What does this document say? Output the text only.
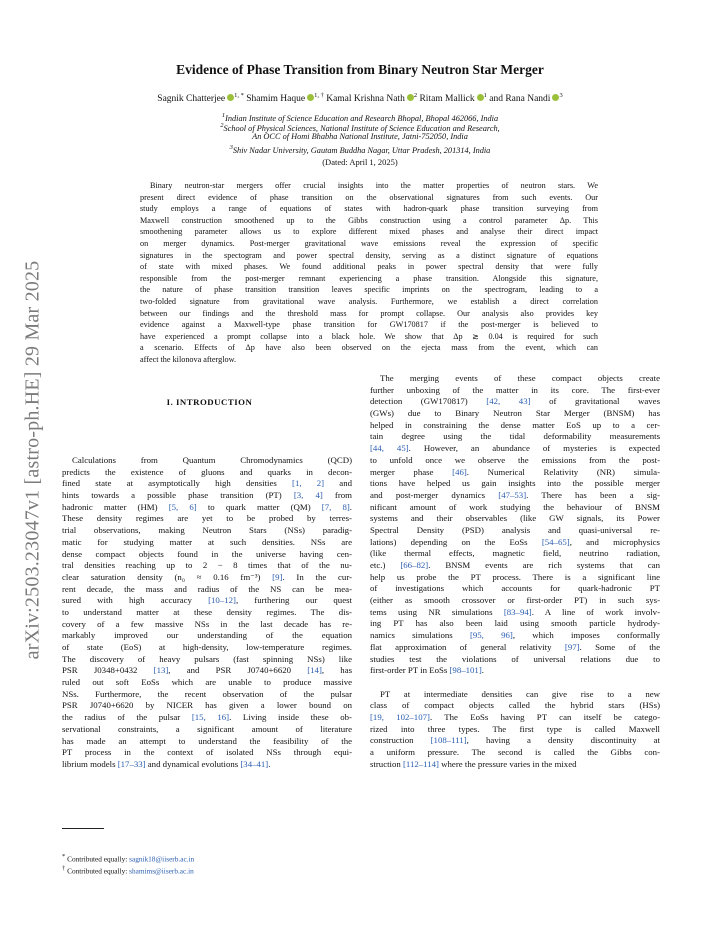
arXiv:2503.23047v1 [astro-ph.HE] 29 Mar 2025
Evidence of Phase Transition from Binary Neutron Star Merger
Sagnik Chatterjee $^{1, *}$ Shamim Haque $^{1, \dagger}$ Kamal Krishna Nath $^2$ Ritam Mallick $^1$ and Rana Nandi $^3$
$^1$Indian Institute of Science Education and Research Bhopal, Bhopal 462066, India
$^2$School of Physical Sciences, National Institute of Science Education and Research,
An OCC of Homi Bhabha National Institute, Jatni-752050, India
$^3$Shiv Nadar University, Gautam Buddha Nagar, Uttar Pradesh, 201314, India
(Dated: April 1, 2025)
Binary neutron-star mergers offer crucial insights into the matter properties of neutron stars. We
present direct evidence of phase transition on the observational signatures from such events. Our
study employs a range of equations of states with hadron-quark phase transition surveying from
Maxwell construction smoothened up to the Gibbs construction using a control parameter Δp. This
smoothening parameter allows us to explore different mixed phases and analyse their direct impact
on merger dynamics. Post-merger gravitational wave emissions reveal the expression of specific
signatures in the spectogram and power spectral density, serving as a distinct signature of equations
of state with mixed phases. We found additional peaks in power spectral density that were fully
responsible from the post-merger remnant experiencing a phase transition. Alongside this signature,
the nature of phase transition transition leaves specific imprints on the spectrogram, leading to a
two-folded signature from gravitational wave analysis. Furthermore, we establish a direct correlation
between our findings and the threshold mass for prompt collapse. Our analysis also provides key
evidence against a Maxwell-type phase transition for GW170817 if the post-merger is believed to
have experienced a prompt collapse into a black hole. We show that Δp ≳ 0.04 is required for such
a scenario. Effects of Δp have also been observed on the ejecta mass from the event, which can
affect the kilonova afterglow.
I. INTRODUCTION
Calculations from Quantum Chromodynamics (QCD)
predicts the existence of gluons and quarks in decon-
fined state at asymptotically high densities [1, 2] and
hints towards a possible phase transition (PT) [3, 4] from
hadronic matter (HM) [5, 6] to quark matter (QM) [7, 8].
These density regimes are yet to be probed by terres-
trial observations, making Neutron Stars (NSs) paradig-
matic for studying matter at such densities. NSs are
dense compact objects found in the universe having cen-
tral densities reaching up to 2 − 8 times that of the nu-
clear saturation density (n₀ ≈ 0.16 fm⁻³) [9]. In the cur-
rent decade, the mass and radius of the NS can be mea-
sured with high accuracy [10–12], furthering our quest
to understand matter at these density regimes. The dis-
covery of a few massive NSs in the last decade has re-
markably improved our understanding of the equation
of state (EoS) at high-density, low-temperature regimes.
The discovery of heavy pulsars (fast spinning NSs) like
PSR J0348+0432 [13], and PSR J0740+6620 [14], has
ruled out soft EoSs which are unable to produce massive
NSs. Furthermore, the recent observation of the pulsar
PSR J0740+6620 by NICER has given a lower bound on
the radius of the pulsar [15, 16]. Living inside these ob-
servational constraints, a significant amount of literature
has made an attempt to understand the feasibility of the
PT process in the context of isolated NSs through equi-
librium models [17–33] and dynamical evolutions [34–41].
The merging events of these compact objects create
further unboxing of the matter in its core. The first-ever
detection (GW170817) [42, 43] of gravitational waves
(GWs) due to Binary Neutron Star Merger (BNSM) has
helped in constraining the dense matter EoS up to a cer-
tain degree using the tidal deformability measurements
[44, 45]. However, an abundance of mysteries is expected
to unfold once we observe the emissions from the post-
merger phase [46]. Numerical Relativity (NR) simula-
tions have helped us gain insights into the possible merger
and post-merger dynamics [47–53]. There has been a sig-
nificant amount of work studying the behaviour of BNSM
systems and their observables (like GW signals, its Power
Spectral Density (PSD) analysis and quasi-universal re-
lations) depending on the EoSs [54–65], and microphysics
(like thermal effects, magnetic field, neutrino radiation,
etc.) [66–82]. BNSM events are rich systems that can
help us probe the PT process. There is a significant line
of investigations which accounts for quark-hadronic PT
(either as smooth crossover or first-order PT) in such sys-
tems using NR simulations [83–94]. A line of work involv-
ing PT has also been laid using smooth particle hydrody-
namics simulations [95, 96], which imposes conformally
flat approximation of general relativity [97]. Some of the
studies test the violations of universal relations due to
first-order PT in EoSs [98–101].
PT at intermediate densities can give rise to a new
class of compact objects called the hybrid stars (HSs)
[19, 102–107]. The EoSs having PT can itself be catego-
rized into three types. The first type is called Maxwell
construction [108–111], having a density discontinuity at
a uniform pressure. The second is called the Gibbs con-
struction [112–114] where the pressure varies in the mixed
* Contributed equally: sagnik18@iiserb.ac.in
† Contributed equally: shamims@iiserb.ac.in
